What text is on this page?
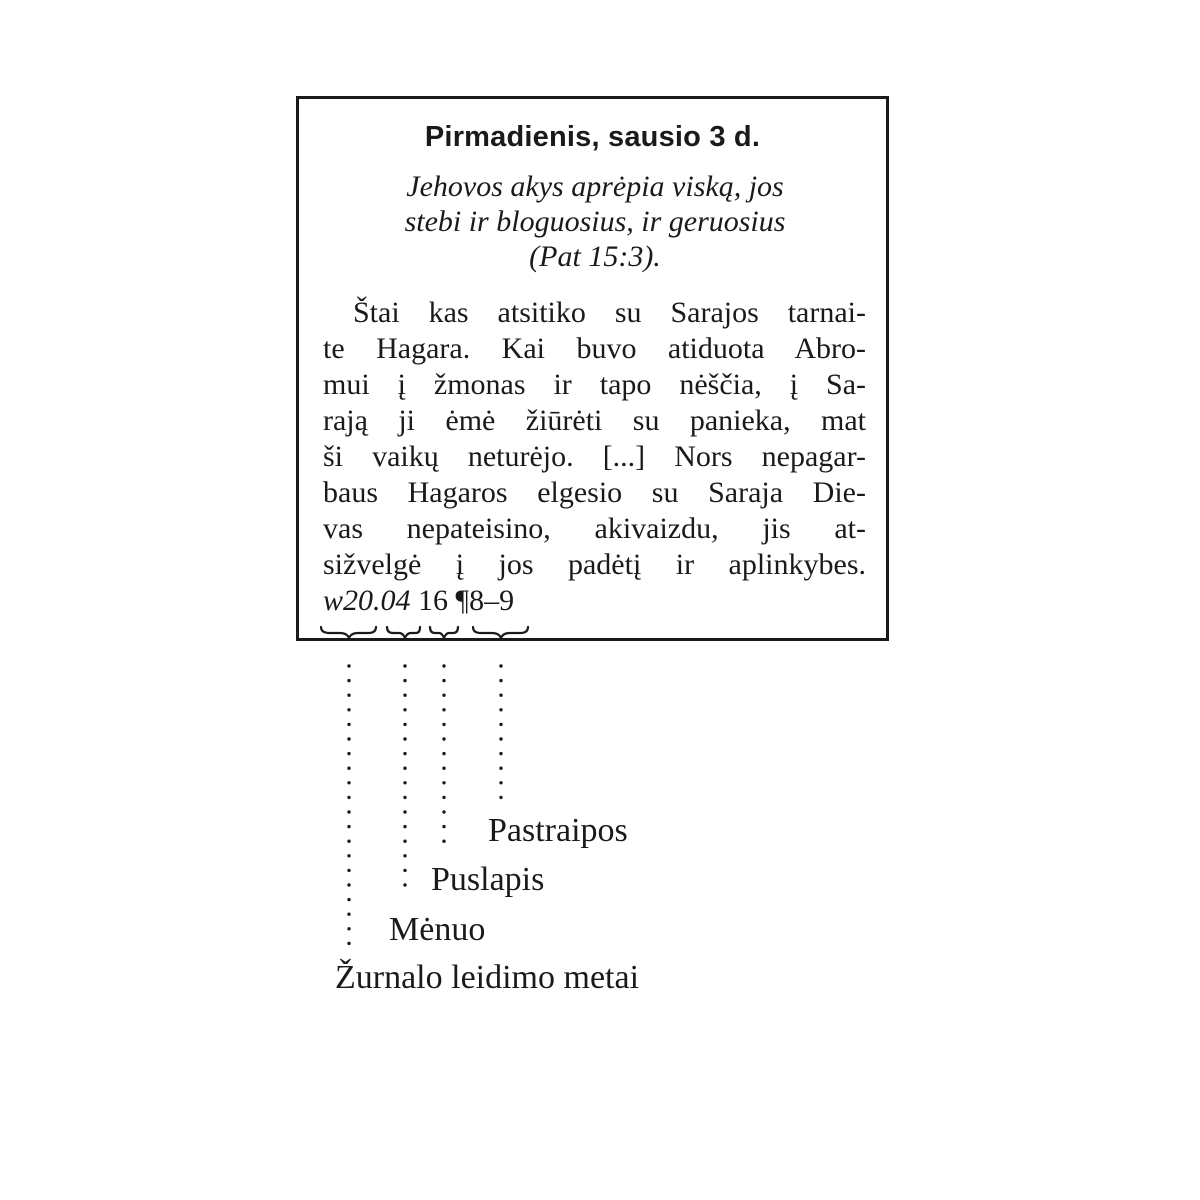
Pirmadienis, sausio 3 d.
Jehovos akys aprėpia viską, jos
stebi ir bloguosius, ir geruosius
(Pat 15:3).
Štai kas atsitiko su Sarajos tarnai-
te Hagara. Kai buvo atiduota Abro-
mui į žmonas ir tapo nėščia, į Sa-
rają ji ėmė žiūrėti su panieka, mat
ši vaikų neturėjo. [...] Nors nepagar-
baus Hagaros elgesio su Saraja Die-
vas nepateisino, akivaizdu, jis at-
sižvelgė į jos padėtį ir aplinkybes.
w20.04 16 ¶8–9
Pastraipos
Puslapis
Mėnuo
Žurnalo leidimo metai
